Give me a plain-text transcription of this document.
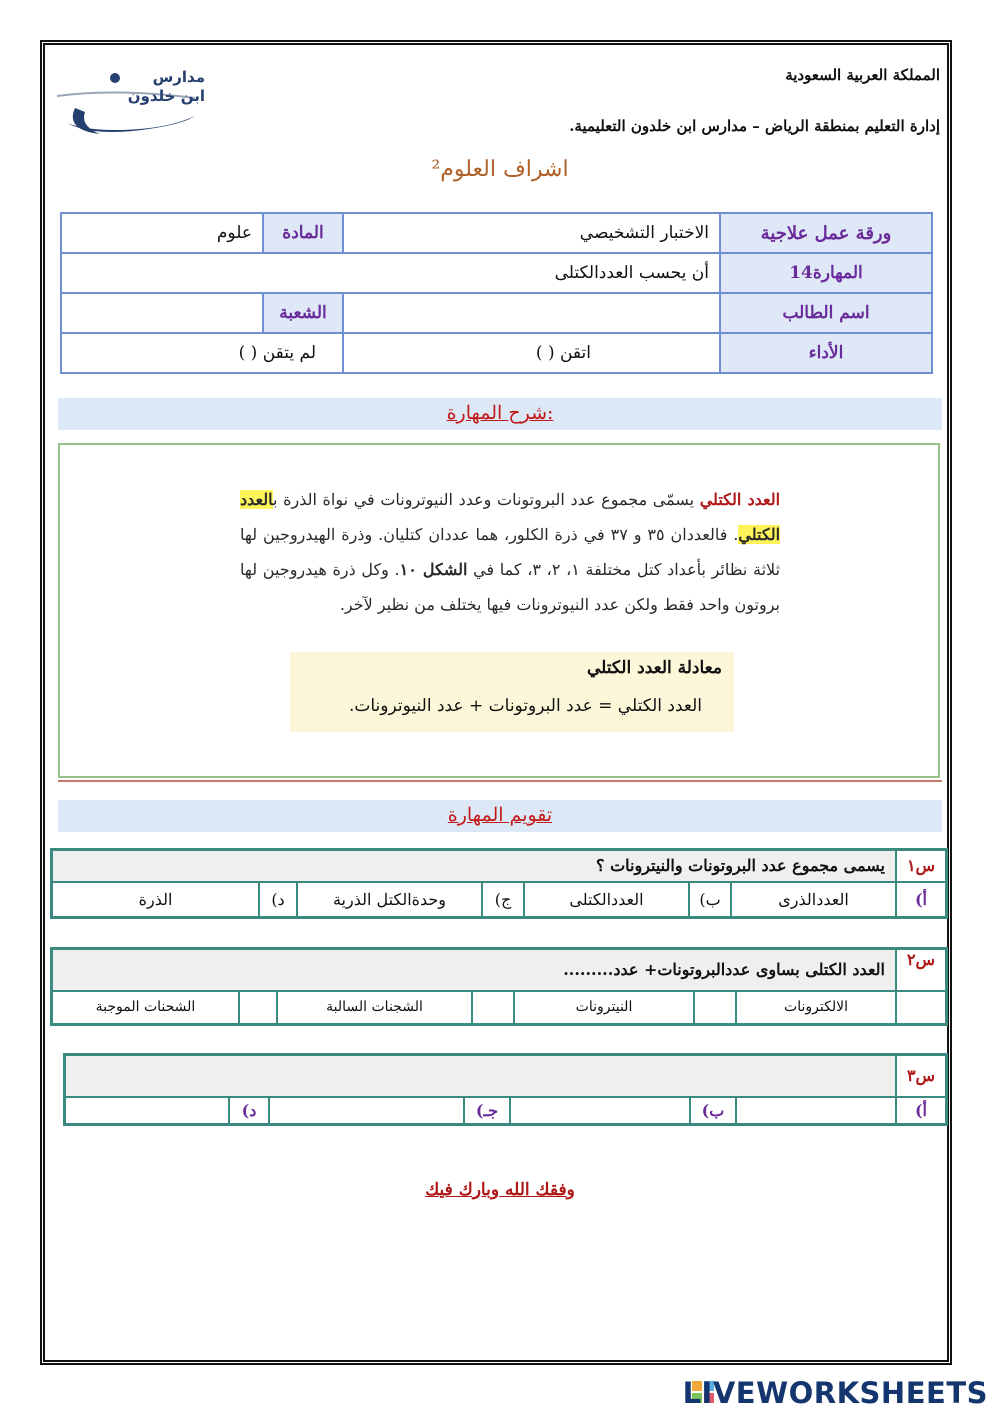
مدارس
ابن خلدون
Ibn Khaldun Schools
المملكة العربية السعودية
إدارة التعليم بمنطقة الرياض – مدارس ابن خلدون التعليمية.
اشراف العلوم²
ورقة عمل علاجية	الاختبار التشخيصي	المادة	علوم
المهارة14	أن يحسب العددالكتلى		
اسم الطالب		الشعبة	
الأداء	اتقن ( )	لم يتقن ( )	
شرح المهارة:
العدد الكتلي يسمّى مجموع عدد البروتونات وعدد النيوترونات في نواة الذرة بالعدد الكتلي. فالعددان ٣٥ و ٣٧ في ذرة الكلور، هما عددان كتليان. وذرة الهيدروجين لها ثلاثة نظائر بأعداد كتل مختلفة ١، ٢، ٣، كما في الشكل ١٠. وكل ذرة هيدروجين لها بروتون واحد فقط ولكن عدد النيوترونات فيها يختلف من نظير لآخر.
معادلة العدد الكتلي
العدد الكتلي = عدد البروتونات + عدد النيوترونات.
تقويم المهارة
س١	يسمى مجموع عدد البروتونات والنيترونات ؟						
أ)	العددالذرى	ب)	العددالكتلى	ج)	وحدةالكتل الذرية	د)	الذرة
س٢	العدد الكتلى بساوى عددالبروتونات+ عدد.........						
	الالكترونات		النيترونات		الشجنات السالبة		الشحنات الموجبة
س٣							
أ)		ب)		جـ)		د)	
وفقك الله وبارك فيك
LIVEWORKSHEETS
